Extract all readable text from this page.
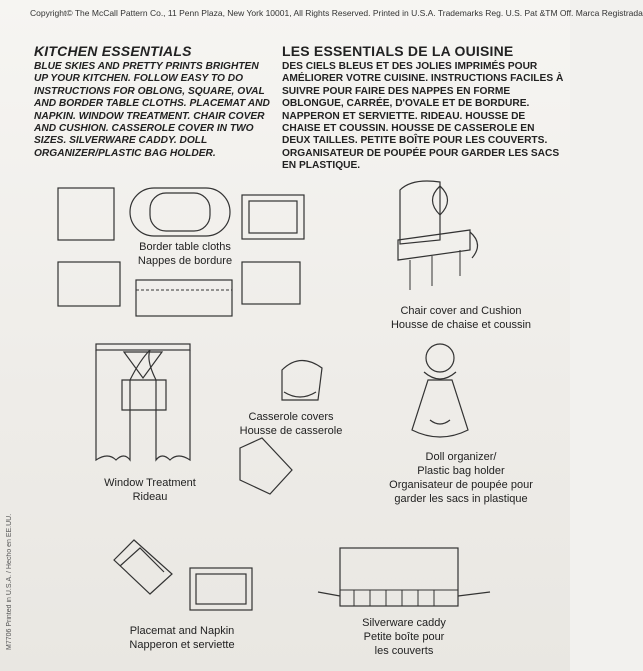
Copyright© The McCall Pattern Co., 11 Penn Plaza, New York 10001, All Rights Reserved. Printed in U.S.A. Trademarks Reg. U.S. Pat &TM Off. Marca Registrada
M7706 Printed in U.S.A. / Hecho en EE.UU.
KITCHEN ESSENTIALS	LES ESSENTIALS DE LA OUISINE
BLUE SKIES AND PRETTY PRINTS BRIGHTEN UP YOUR KITCHEN. FOLLOW EASY TO DO INSTRUCTIONS FOR OBLONG, SQUARE, OVAL AND BORDER TABLE CLOTHS. PLACEMAT AND NAPKIN. WINDOW TREATMENT. CHAIR COVER AND CUSHION. CASSEROLE COVER IN TWO SIZES. SILVERWARE CADDY. DOLL ORGANIZER/PLASTIC BAG HOLDER.
DES CIELS BLEUS ET DES JOLIES IMPRIMÉS POUR AMÉLIORER VOTRE CUISINE. INSTRUCTIONS FACILES À SUIVRE POUR FAIRE DES NAPPES EN FORME OBLONGUE, CARRÉE, D'OVALE ET DE BORDURE. NAPPERON ET SERVIETTE. RIDEAU. HOUSSE DE CHAISE ET COUSSIN. HOUSSE DE CASSEROLE EN DEUX TAILLES. PETITE BOÎTE POUR LES COUVERTS. ORGANISATEUR DE POUPÉE POUR GARDER LES SACS EN PLASTIQUE.
Border table cloths
Nappes de bordure
Chair cover and Cushion
Housse de chaise et coussin
Casserole covers
Housse de casserole
Window Treatment
Rideau
Doll organizer/
Plastic bag holder
Organisateur de poupée pour
garder les sacs in plastique
Placemat and Napkin
Napperon et serviette
Silverware caddy
Petite boîte pour
les couverts
